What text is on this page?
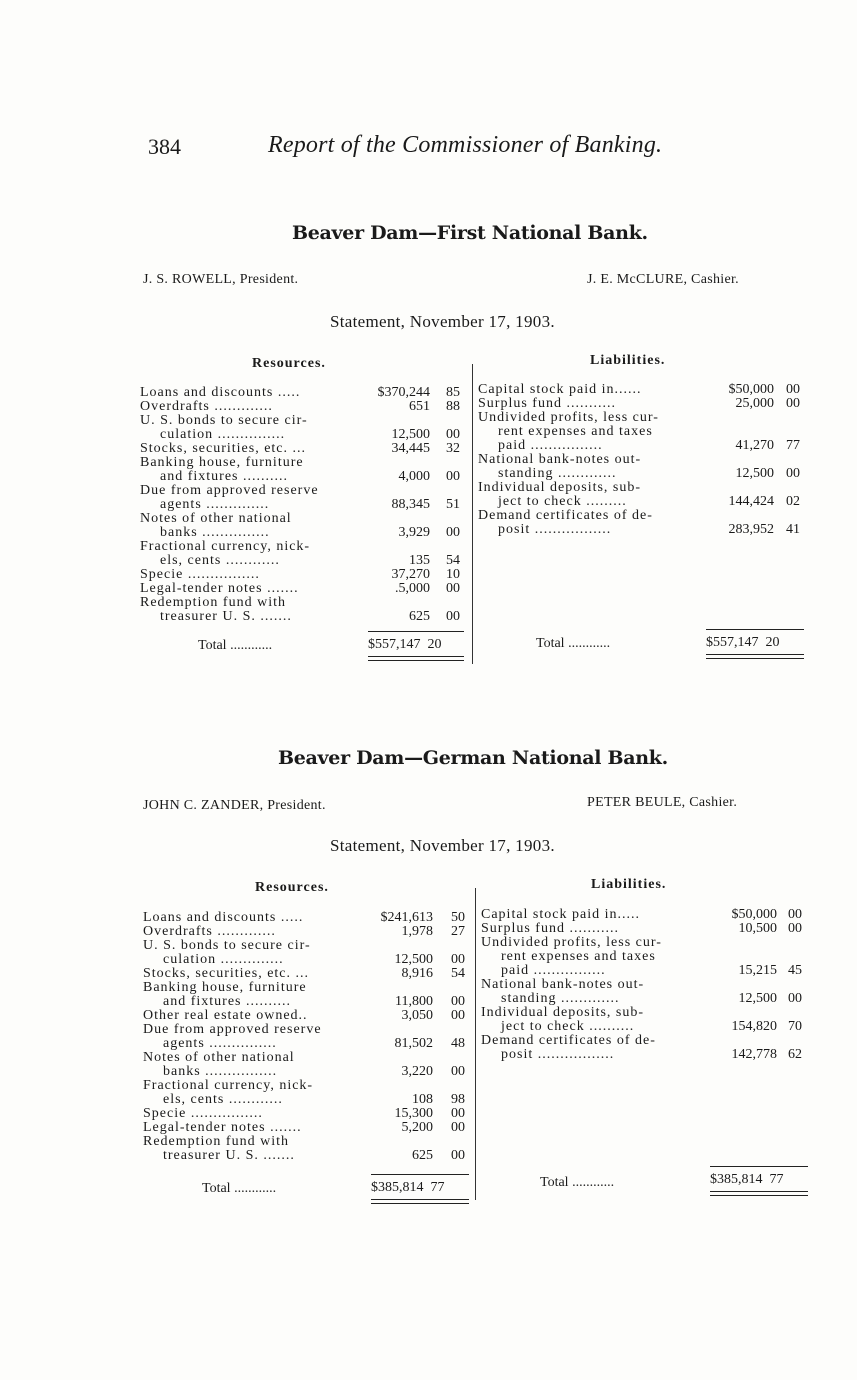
384	Report of the Commissioner of Banking.
Beaver Dam—First National Bank.
J. S. ROWELL, President.	J. E. McCLURE, Cashier.
Statement, November 17, 1903.
Resources.	Liabilities.
Loans and discounts .....	$370,244 85
Overdrafts .............	651 88
U. S. bonds to secure cir-
culation ...............	12,500 00
Stocks, securities, etc. ...	34,445 32
Banking house, furniture
and fixtures ..........	4,000 00
Due from approved reserve
agents ..............	88,345 51
Notes of other national
banks ...............	3,929 00
Fractional currency, nick-
els, cents ............	135 54
Specie ................	37,270 10
Legal-tender notes .......	.5,000 00
Redemption fund with
treasurer U. S. .......	625 00
Capital stock paid in......	$50,000 00
Surplus fund ...........	25,000 00
Undivided profits, less cur-
rent expenses and taxes
paid ................	41,270 77
National bank-notes out-
standing .............	12,500 00
Individual deposits, sub-
ject to check .........	144,424 02
Demand certificates of de-
posit .................	283,952 41
Total ............	$557,147 20	Total ............	$557,147 20
Beaver Dam—German National Bank.
JOHN C. ZANDER, President.	PETER BEULE, Cashier.
Statement, November 17, 1903.
Resources.	Liabilities.
Loans and discounts .....	$241,613 50
Overdrafts .............	1,978 27
U. S. bonds to secure cir-
culation ..............	12,500 00
Stocks, securities, etc. ...	8,916 54
Banking house, furniture
and fixtures ..........	11,800 00
Other real estate owned..	3,050 00
Due from approved reserve
agents ...............	81,502 48
Notes of other national
banks ................	3,220 00
Fractional currency, nick-
els, cents ............	108 98
Specie ................	15,300 00
Legal-tender notes .......	5,200 00
Redemption fund with
treasurer U. S. .......	625 00
Capital stock paid in.....	$50,000 00
Surplus fund ...........	10,500 00
Undivided profits, less cur-
rent expenses and taxes
paid ................	15,215 45
National bank-notes out-
standing .............	12,500 00
Individual deposits, sub-
ject to check ..........	154,820 70
Demand certificates of de-
posit .................	142,778 62
Total ............	$385,814 77	Total ............	$385,814 77
